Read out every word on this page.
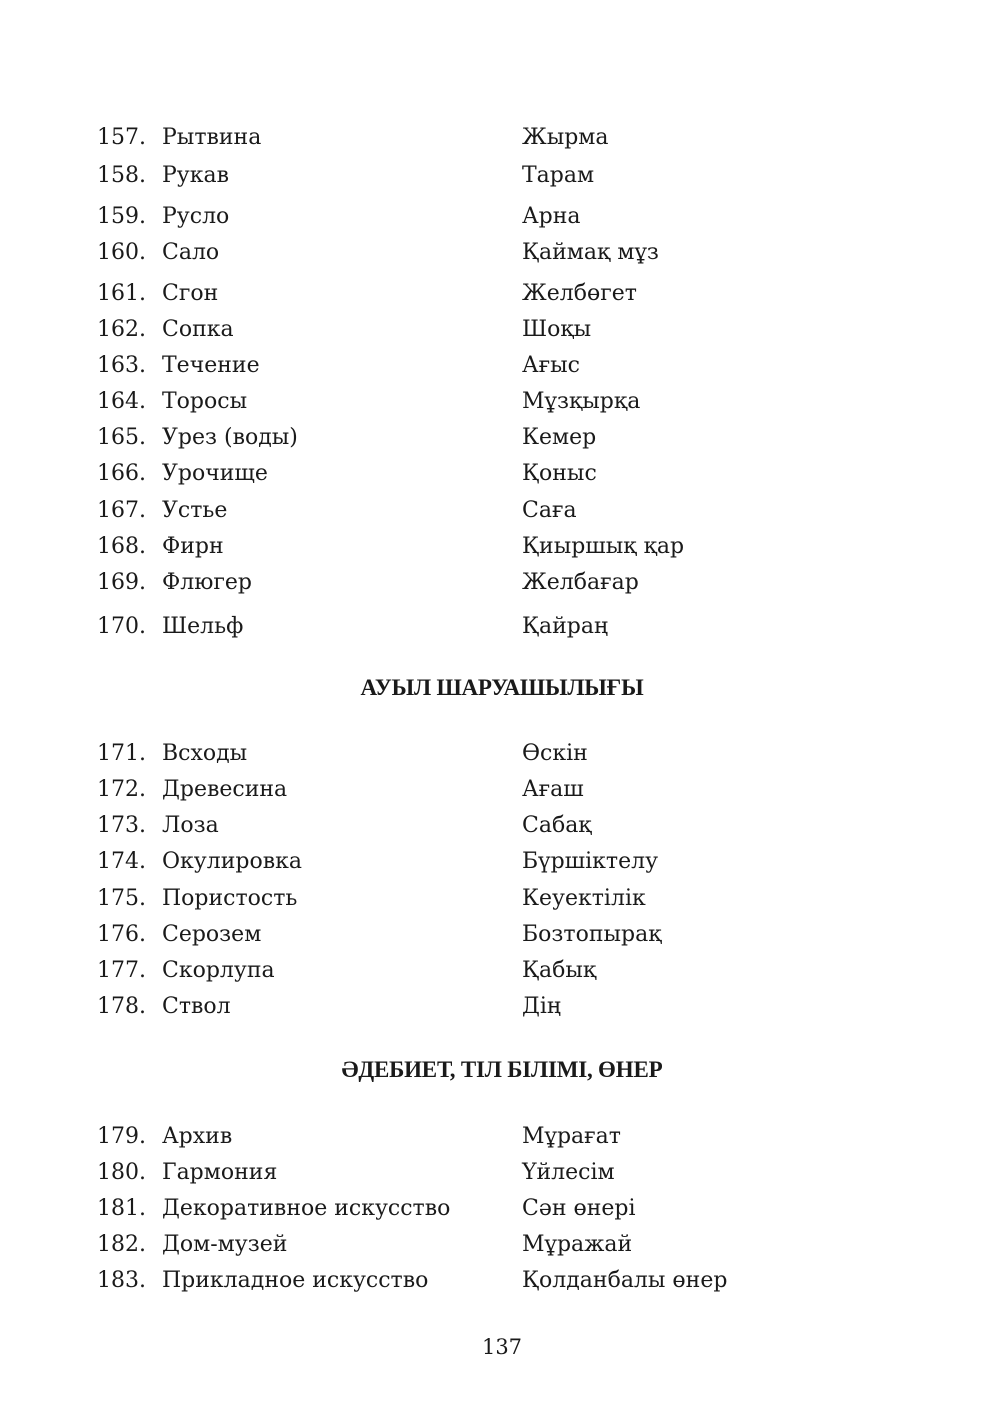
157. Рытвина	Жырма
158. Рукав	Тарам
159. Русло	Арна
160. Сало	Қаймақ мұз
161. Сгон	Желбөгет
162. Сопка	Шоқы
163. Течение	Ағыс
164. Торосы	Мұзқырқа
165. Урез (воды)	Кемер
166. Урочище	Қоныс
167. Устье	Саға
168. Фирн	Қиыршық қар
169. Флюгер	Желбағар
170. Шельф	Қайраң
АУЫЛ ШАРУАШЫЛЫҒЫ
171. Всходы	Өскін
172. Древесина	Ағаш
173. Лоза	Сабақ
174. Окулировка	Бүршіктелу
175. Пористость	Кеуектілік
176. Серозем	Бозтопырақ
177. Скорлупа	Қабық
178. Ствол	Дің
ӘДЕБИЕТ, ТІЛ БІЛІМІ, ӨНЕР
179. Архив	Мұрағат
180. Гармония	Үйлесім
181. Декоративное искусство	Сән өнері
182. Дом-музей	Мұражай
183. Прикладное искусство	Қолданбалы өнер
137
